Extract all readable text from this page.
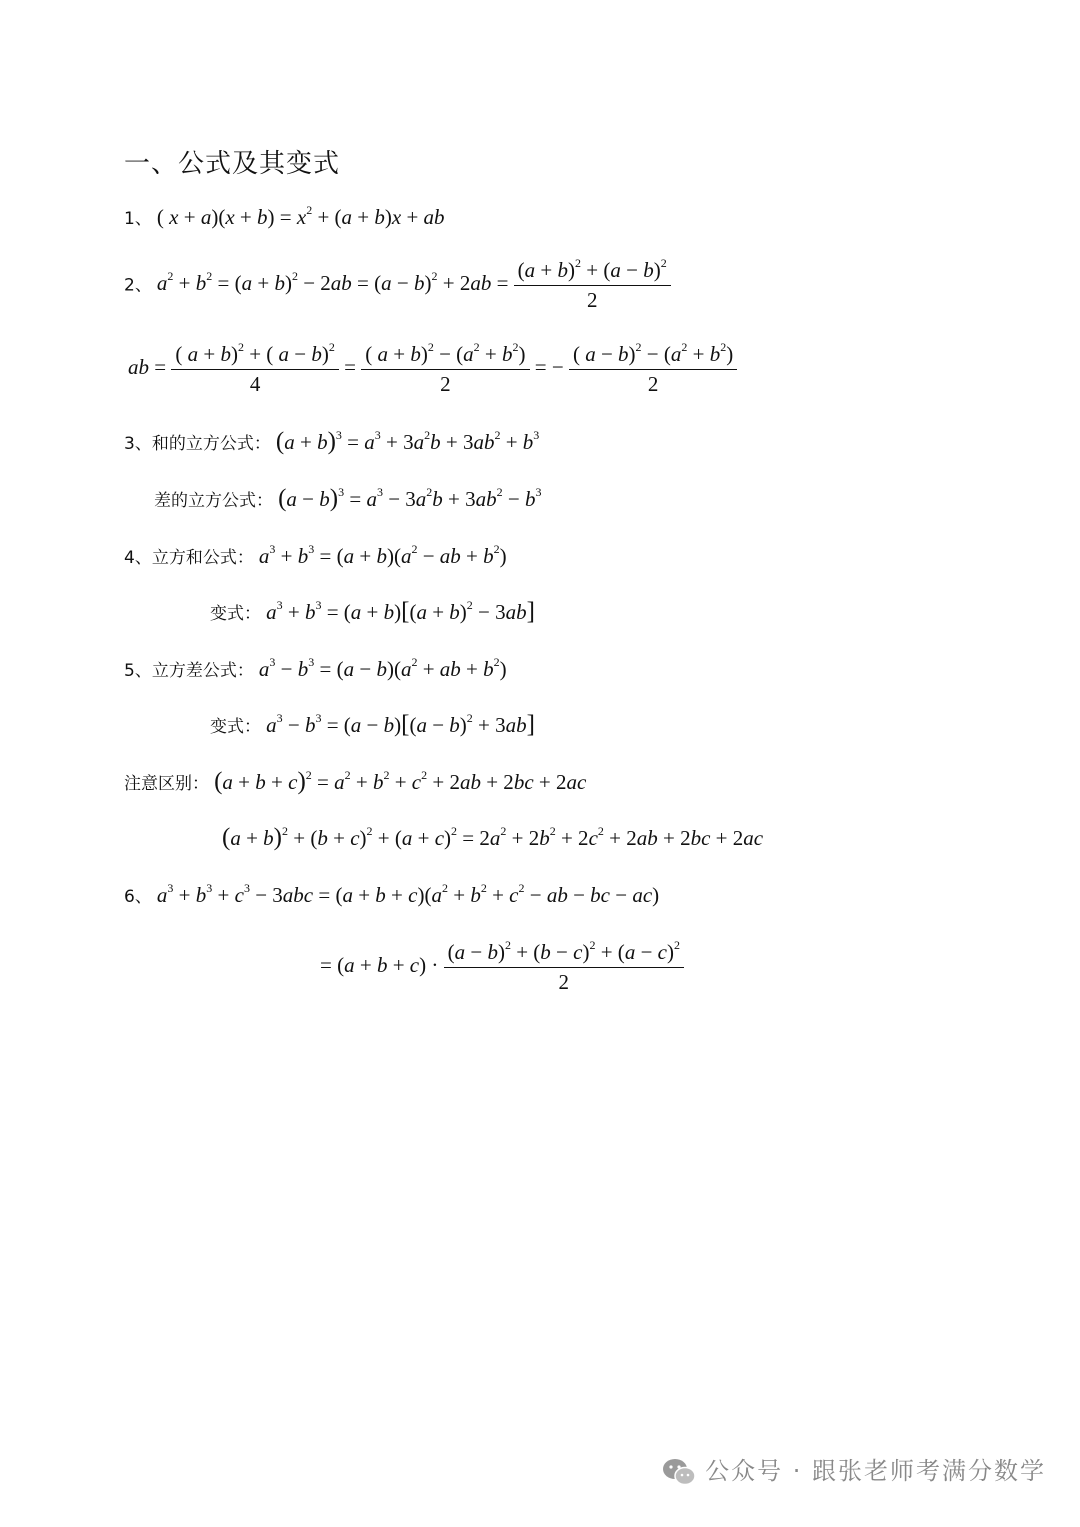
一、公式及其变式
1、 ( $x + a)(x + b) = x^2 + (a + b)x$ + ab
2、 $a^2 + b^2 = (a + b)^2 - 2ab = (a - b)^2 + 2ab = \frac{(a + b)^2 + (a - b)^2}{2}$
ab = $\frac{( a + b)^2 + ( a - b)^2}{4} = \frac{( a + b)^2 - (a^2 + b^2)}{2}$ = − $\frac{( a - b)^2 - (a^2 + b^2)}{2}$
3、和的立方公式： $(a + b)^3 = a^3 + 3a^2b + 3ab^2 + b^3$
差的立方公式： $(a - b)^3 = a^3 - 3a^2b + 3ab^2 - b^3$
4、立方和公式： $a^3 + b^3 = (a + b)(a^2$ − ab + $b^2$)
变式： $a^3 + b^3 = (a + b)[(a + b)^2 - 3ab]$
5、立方差公式： $a^3 - b^3 = (a - b)(a^2$ + ab + $b^2$)
变式： $a^3 - b^3 = (a - b)[(a - b)^2 + 3ab]$
注意区别： $(a + b + c)^2 = a^2 + b^2 + c^2 + 2ab + 2bc + 2ac$
$(a + b)^2 + (b + c)^2 + (a + c)^2 = 2a^2 + 2b^2 + 2c^2 + 2ab + 2bc + 2ac$
6、 $a^3 + b^3 + c^3 - 3abc = (a + b + c)(a^2 + b^2 + c^2$ − ab − bc − ac)
= $(a + b + c) \cdot \frac{(a - b)^2 + (b - c)^2 + (a - c)^2}{2}$
公众号 · 跟张老师考满分数学
